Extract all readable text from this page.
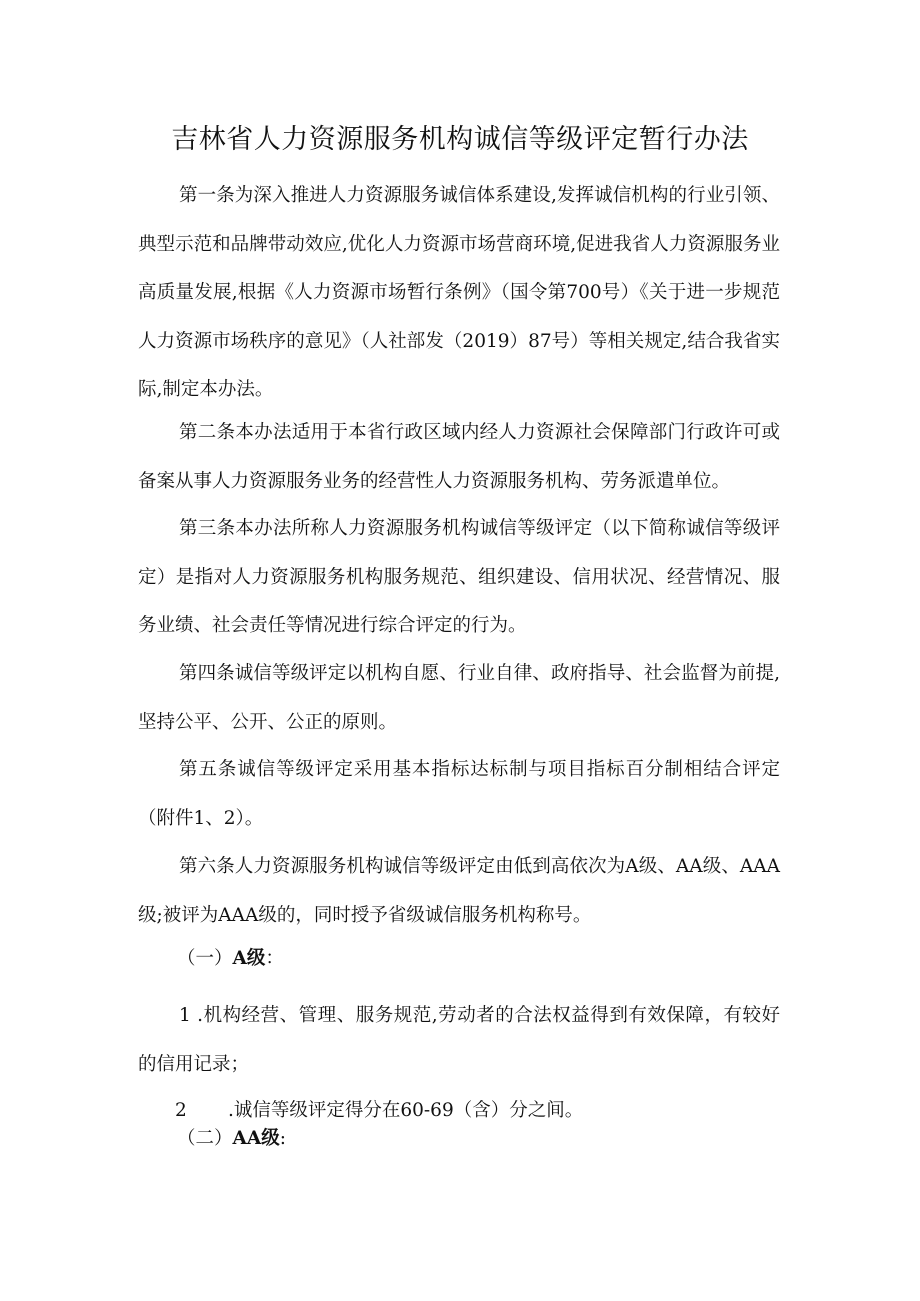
吉林省人力资源服务机构诚信等级评定暂行办法

第一条为深入推进人力资源服务诚信体系建设,发挥诚信机构的行业引领、典型示范和品牌带动效应,优化人力资源市场营商环境,促进我省人力资源服务业高质量发展,根据《人力资源市场暂行条例》（国令第700号）《关于进一步规范人力资源市场秩序的意见》（人社部发（2019）87号）等相关规定,结合我省实际,制定本办法。

第二条本办法适用于本省行政区域内经人力资源社会保障部门行政许可或备案从事人力资源服务业务的经营性人力资源服务机构、劳务派遣单位。

第三条本办法所称人力资源服务机构诚信等级评定（以下简称诚信等级评定）是指对人力资源服务机构服务规范、组织建设、信用状况、经营情况、服务业绩、社会责任等情况进行综合评定的行为。

第四条诚信等级评定以机构自愿、行业自律、政府指导、社会监督为前提,坚持公平、公开、公正的原则。

第五条诚信等级评定采用基本指标达标制与项目指标百分制相结合评定（附件1、2）。

第六条人力资源服务机构诚信等级评定由低到高依次为A级、AA级、AAA级;被评为AAA级的，同时授予省级诚信服务机构称号。

（一）A级：

1 .机构经营、管理、服务规范,劳动者的合法权益得到有效保障，有较好的信用记录；

2 .诚信等级评定得分在60-69（含）分之间。
（二）AA级:
